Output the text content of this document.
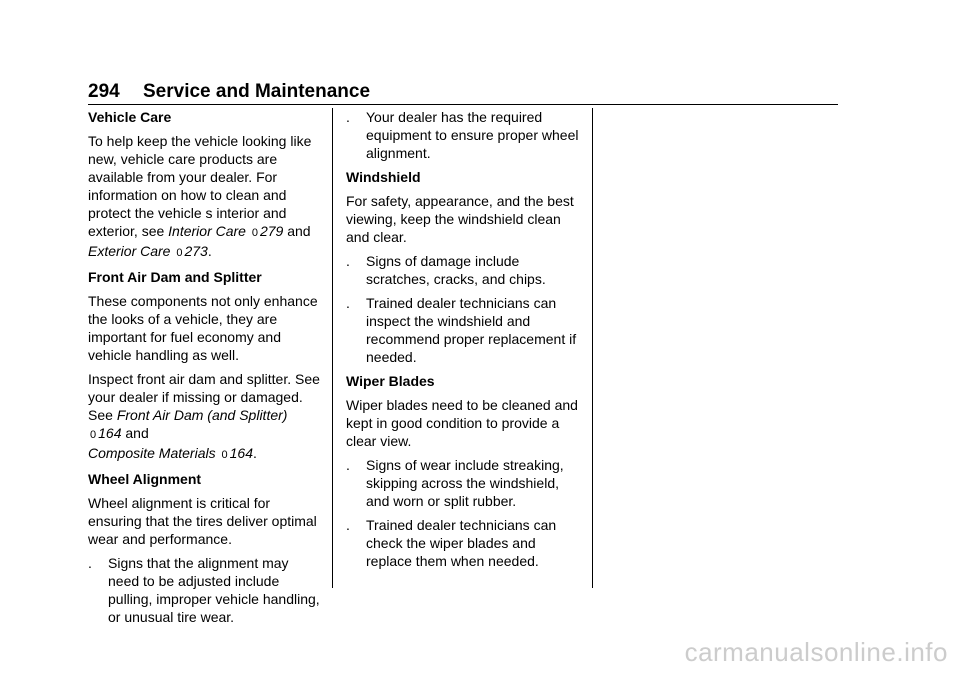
294 Service and Maintenance
Vehicle Care

To help keep the vehicle looking like new, vehicle care products are available from your dealer. For information on how to clean and protect the vehicle s interior and exterior, see Interior Care 0 279 and Exterior Care 0 273.

Front Air Dam and Splitter

These components not only enhance the looks of a vehicle, they are important for fuel economy and vehicle handling as well.

Inspect front air dam and splitter. See your dealer if missing or damaged. See Front Air Dam (and Splitter) 0 164 and
Composite Materials 0 164.

Wheel Alignment

Wheel alignment is critical for ensuring that the tires deliver optimal wear and performance.

.	Signs that the alignment may need to be adjusted include pulling, improper vehicle handling, or unusual tire wear.
.	Your dealer has the required equipment to ensure proper wheel alignment.
Windshield

For safety, appearance, and the best viewing, keep the windshield clean and clear.

.	Signs of damage include scratches, cracks, and chips.
.	Trained dealer technicians can inspect the windshield and recommend proper replacement if needed.
Wiper Blades

Wiper blades need to be cleaned and kept in good condition to provide a clear view.

.	Signs of wear include streaking, skipping across the windshield, and worn or split rubber.
.	Trained dealer technicians can check the wiper blades and replace them when needed.
carmanualsonline.info
